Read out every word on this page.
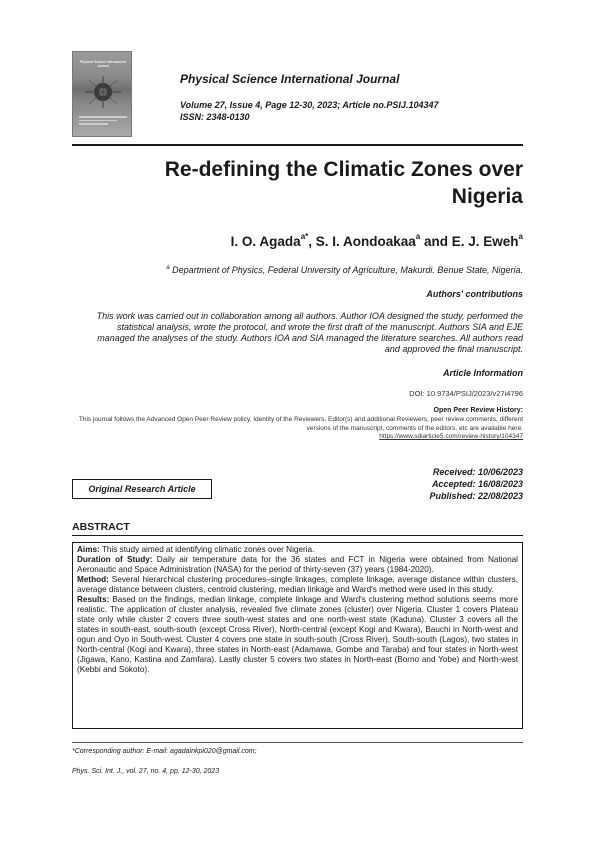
Physical Science International Journal
Physical Science International Journal
Volume 27, Issue 4, Page 12-30, 2023; Article no.PSIJ.104347
ISSN: 2348-0130
Re-defining the Climatic Zones over
Nigeria
I. O. Agada$^{a*}$, S. I. Aondoakaa$^a$ and E. J. Eweh$^a$
$^a$ Department of Physics, Federal University of Agriculture, Makurdi. Benue State, Nigeria.
Authors' contributions
This work was carried out in collaboration among all authors. Author IOA designed the study, performed the statistical analysis, wrote the protocol, and wrote the first draft of the manuscript. Authors SIA and EJE managed the analyses of the study. Authors IOA and SIA managed the literature searches. All authors read and approved the final manuscript.
Article Information
DOI: 10.9734/PSIJ/2023/v27i4796
Open Peer Review History:
This journal follows the Advanced Open Peer Review policy. Identity of the Reviewers, Editor(s) and additional Reviewers, peer review comments, different versions of the manuscript, comments of the editors, etc are available here:
https://www.sdiarticle5.com/review-history/104347
Original Research Article
Received: 10/06/2023
Accepted: 16/08/2023
Published: 22/08/2023
ABSTRACT

Aims: This study aimed at identifying climatic zones over Nigeria.

Duration of Study: Daily air temperature data for the 36 states and FCT in Nigeria were obtained from National Aeronautic and Space Administration (NASA) for the period of thirty-seven (37) years (1984-2020).

Method: Several hierarchical clustering procedures–single linkages, complete linkage, average distance within clusters, average distance between clusters, centroid clustering, median linkage and Ward's method were used in this study.

Results: Based on the findings, median linkage, complete linkage and Ward's clustering method solutions seems more realistic. The application of cluster analysis, revealed five climate zones (cluster) over Nigeria. Cluster 1 covers Plateau state only while cluster 2 covers three south-west states and one north-west state (Kaduna). Cluster 3 covers all the states in south-east, south-south (except Cross River), North-central (except Kogi and Kwara), Bauchi in North-west and ogun and Oyo in South-west. Cluster 4 covers one state in south-south (Cross River), South-south (Lagos), two states in North-central (Kogi and Kwara), three states in North-east (Adamawa, Gombe and Taraba) and four states in North-west (Jigawa, Kano, Kastina and Zamfara). Lastly cluster 5 covers two states in North-east (Borno and Yobe) and North-west (Kebbi and Sokoto).

*Corresponding author: E-mail: agadainkpi020@gmail.com;
Phys. Sci. Int. J., vol. 27, no. 4, pp. 12-30, 2023
